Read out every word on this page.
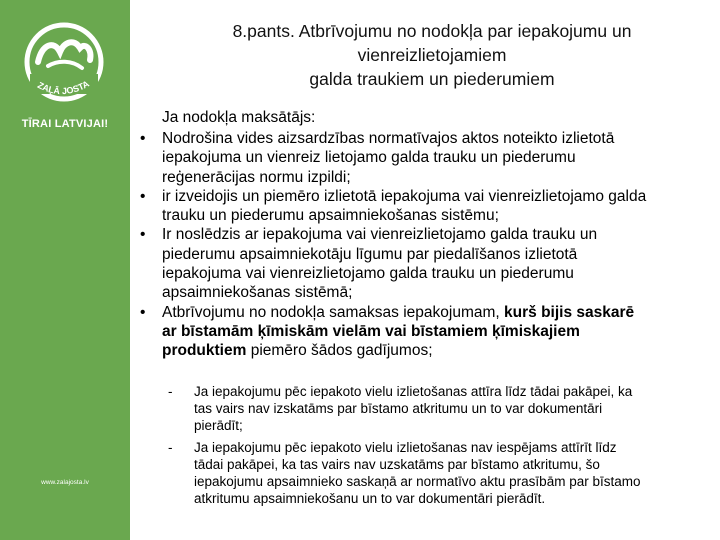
ZAĻĀ JOSTA
TĪRAI LATVIJAI!
www.zalajosta.lv
8.pants. Atbrīvojumu no nodokļa par iepakojumu un
vienreizlietojamiem
galda traukiem un piederumiem
Ja nodokļa maksātājs:
• Nodrošina vides aizsardzības normatīvajos aktos noteikto izlietotā
iepakojuma un vienreiz lietojamo galda trauku un piederumu
reģenerācijas normu izpildi;
• ir izveidojis un piemēro izlietotā iepakojuma vai vienreizlietojamo galda
trauku un piederumu apsaimniekošanas sistēmu;
• Ir noslēdzis ar iepakojuma vai vienreizlietojamo galda trauku un
piederumu apsaimniekotāju līgumu par piedalīšanos izlietotā
iepakojuma vai vienreizlietojamo galda trauku un piederumu
apsaimniekošanas sistēmā;
• Atbrīvojumu no nodokļa samaksas iepakojumam, kurš bijis saskarē
ar bīstamām ķīmiskām vielām vai bīstamiem ķīmiskajiem
produktiem piemēro šādos gadījumos;
- Ja iepakojumu pēc iepakoto vielu izlietošanas attīra līdz tādai pakāpei, ka
tas vairs nav izskatāms par bīstamo atkritumu un to var dokumentāri
pierādīt;
- Ja iepakojumu pēc iepakoto vielu izlietošanas nav iespējams attīrīt līdz
tādai pakāpei, ka tas vairs nav uzskatāms par bīstamo atkritumu, šo
iepakojumu apsaimnieko saskaņā ar normatīvo aktu prasībām par bīstamo
atkritumu apsaimniekošanu un to var dokumentāri pierādīt.
